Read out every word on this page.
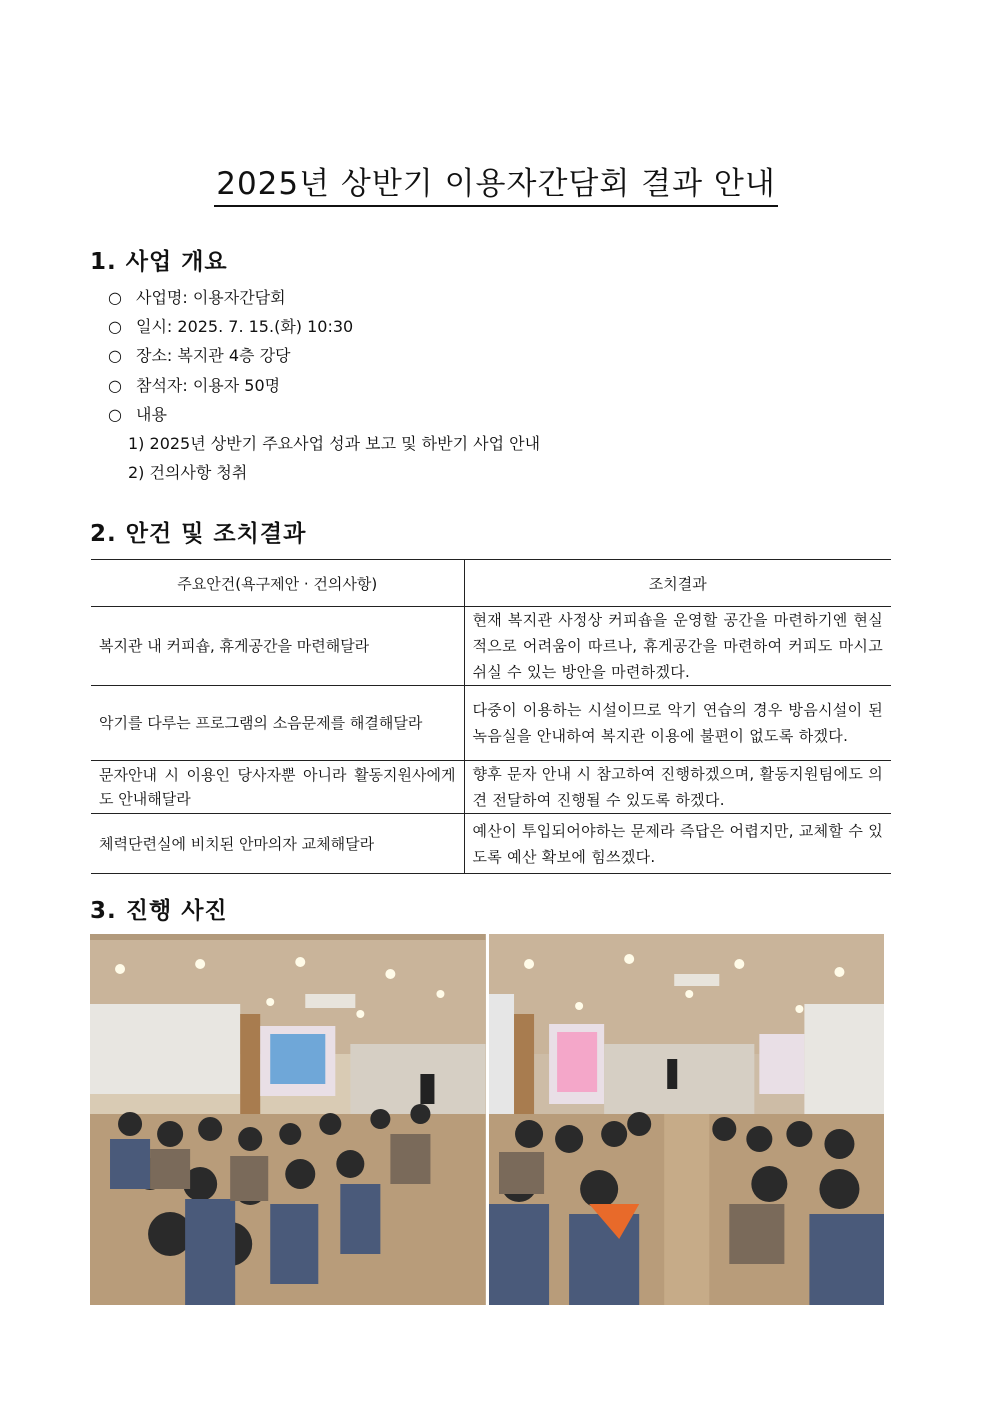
2025년 상반기 이용자간담회 결과 안내
1. 사업 개요
○ 사업명: 이용자간담회
○ 일시: 2025. 7. 15.(화) 10:30
○ 장소: 복지관 4층 강당
○ 참석자: 이용자 50명
○ 내용
1) 2025년 상반기 주요사업 성과 보고 및 하반기 사업 안내
2) 건의사항 청취
2. 안건 및 조치결과
주요안건(욕구제안 · 건의사항)	조치결과
복지관 내 커피숍, 휴게공간을 마련해달라	현재 복지관 사정상 커피숍을 운영할 공간을 마련하기엔 현실적으로 어려움이 따르나, 휴게공간을 마련하여 커피도 마시고 쉬실 수 있는 방안을 마련하겠다.
악기를 다루는 프로그램의 소음문제를 해결해달라	다중이 이용하는 시설이므로 악기 연습의 경우 방음시설이 된 녹음실을 안내하여 복지관 이용에 불편이 없도록 하겠다.
문자안내 시 이용인 당사자뿐 아니라 활동지원사에게도 안내해달라	향후 문자 안내 시 참고하여 진행하겠으며, 활동지원팀에도 의견 전달하여 진행될 수 있도록 하겠다.
체력단련실에 비치된 안마의자 교체해달라	예산이 투입되어야하는 문제라 즉답은 어렵지만, 교체할 수 있도록 예산 확보에 힘쓰겠다.
3. 진행 사진
